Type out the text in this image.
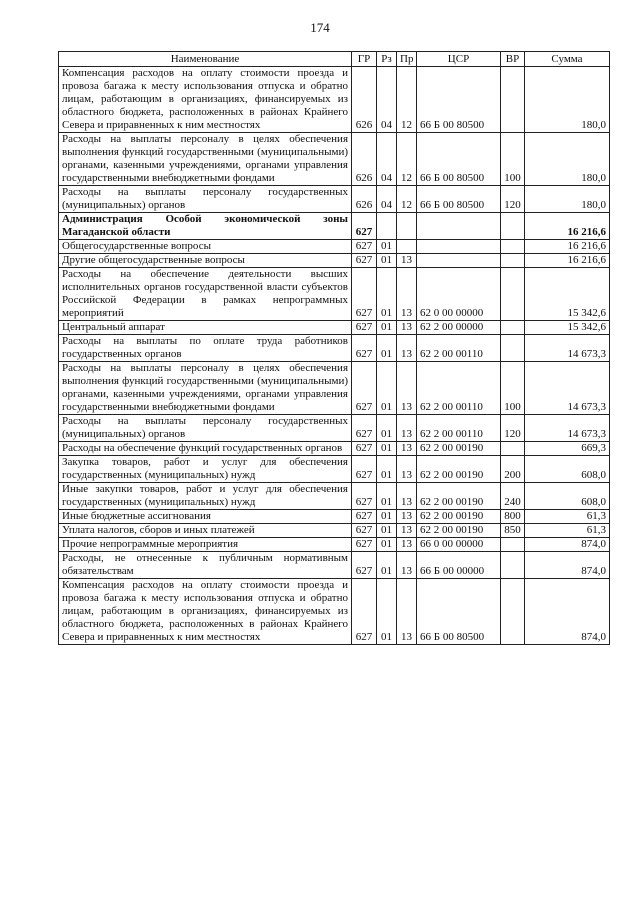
174
Наименование	ГР	Рз	Пр	ЦСР	ВР	Сумма
Компенсация расходов на оплату стоимости проезда и провоза багажа к месту использования отпуска и обратно лицам, работающим в организациях, финансируемых из областного бюджета, расположенных в районах Крайнего Севера и приравненных к ним местностях	626	04	12	66 Б 00 80500		180,0
Расходы на выплаты персоналу в целях обеспечения выполнения функций государственными (муниципальными) органами, казенными учреждениями, органами управления государственными внебюджетными фондами	626	04	12	66 Б 00 80500	100	180,0
Расходы на выплаты персоналу государственных (муниципальных) органов	626	04	12	66 Б 00 80500	120	180,0
Администрация Особой экономической зоны Магаданской области	627					16 216,6
Общегосударственные вопросы	627	01				16 216,6
Другие общегосударственные вопросы	627	01	13			16 216,6
Расходы на обеспечение деятельности высших исполнительных органов государственной власти субъектов Российской Федерации в рамках непрограммных мероприятий	627	01	13	62 0 00 00000		15 342,6
Центральный аппарат	627	01	13	62 2 00 00000		15 342,6
Расходы на выплаты по оплате труда работников государственных органов	627	01	13	62 2 00 00110		14 673,3
Расходы на выплаты персоналу в целях обеспечения выполнения функций государственными (муниципальными) органами, казенными учреждениями, органами управления государственными внебюджетными фондами	627	01	13	62 2 00 00110	100	14 673,3
Расходы на выплаты персоналу государственных (муниципальных) органов	627	01	13	62 2 00 00110	120	14 673,3
Расходы на обеспечение функций государственных органов	627	01	13	62 2 00 00190		669,3
Закупка товаров, работ и услуг для обеспечения государственных (муниципальных) нужд	627	01	13	62 2 00 00190	200	608,0
Иные закупки товаров, работ и услуг для обеспечения государственных (муниципальных) нужд	627	01	13	62 2 00 00190	240	608,0
Иные бюджетные ассигнования	627	01	13	62 2 00 00190	800	61,3
Уплата налогов, сборов и иных платежей	627	01	13	62 2 00 00190	850	61,3
Прочие непрограммные мероприятия	627	01	13	66 0 00 00000		874,0
Расходы, не отнесенные к публичным нормативным обязательствам	627	01	13	66 Б 00 00000		874,0
Компенсация расходов на оплату стоимости проезда и провоза багажа к месту использования отпуска и обратно лицам, работающим в организациях, финансируемых из областного бюджета, расположенных в районах Крайнего Севера и приравненных к ним местностях	627	01	13	66 Б 00 80500		874,0
